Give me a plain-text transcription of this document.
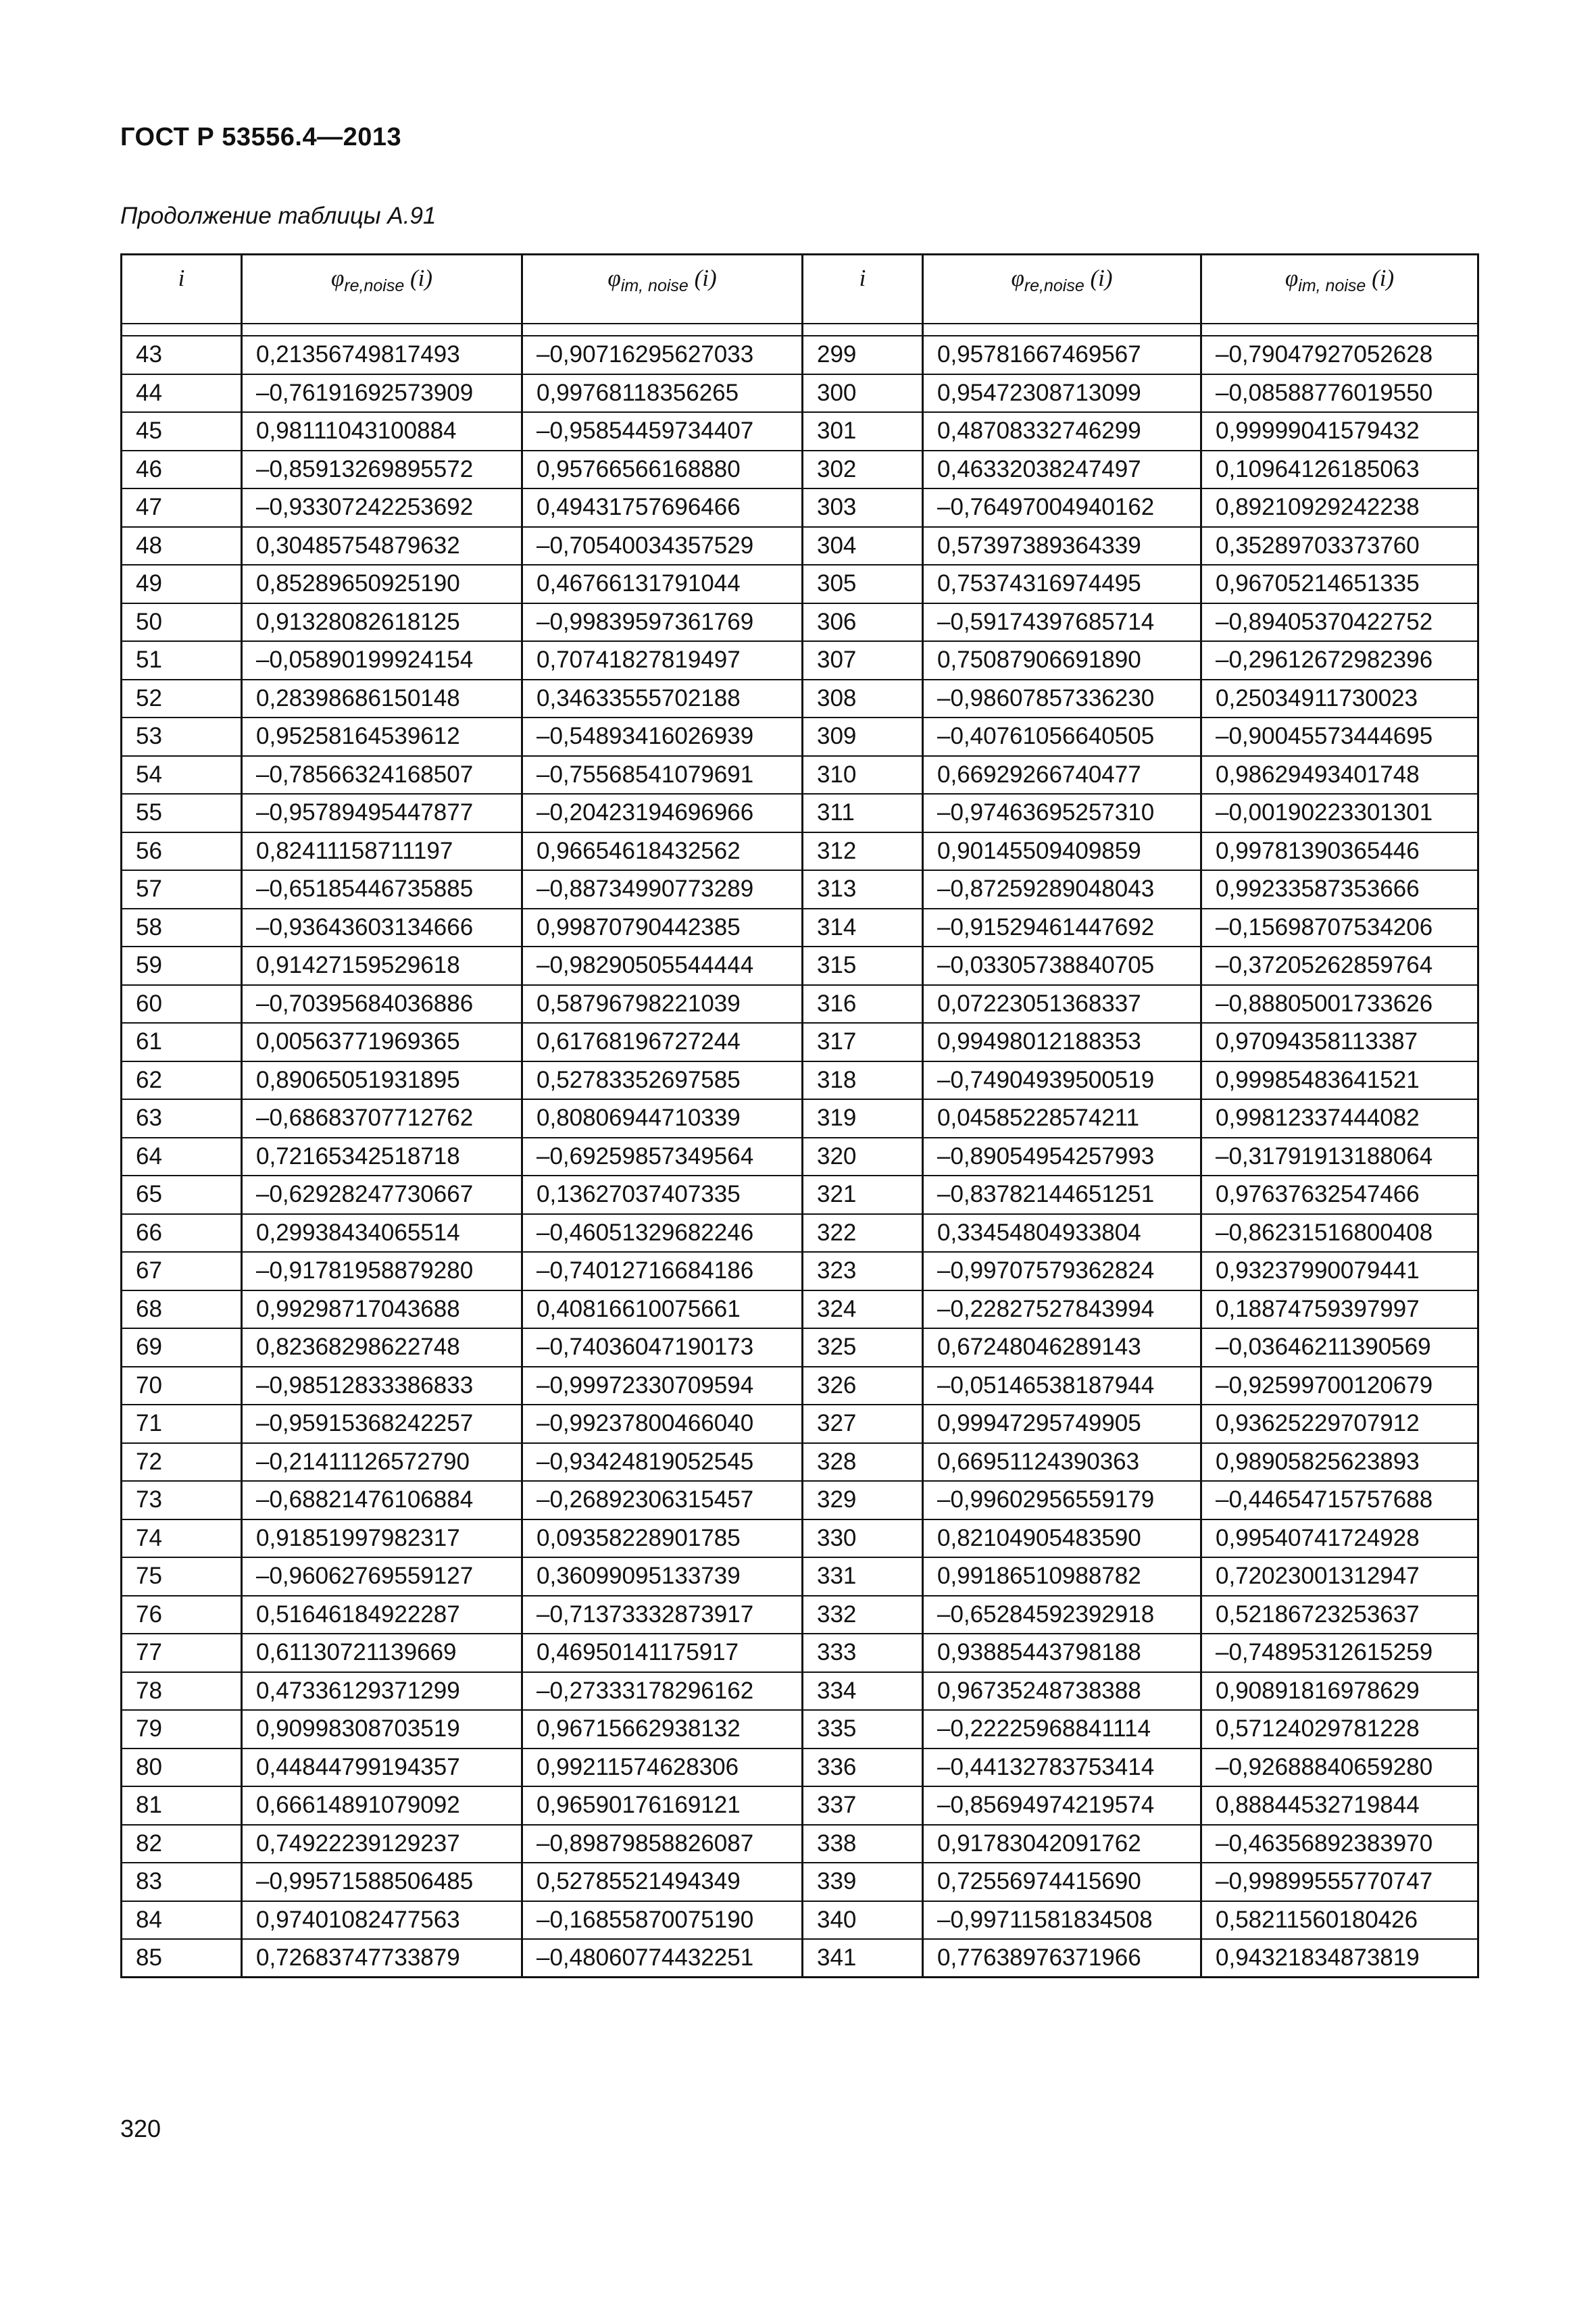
ГОСТ Р 53556.4—2013
Продолжение таблицы А.91
i	$\varphi_{re,noise}$ (i)	$\varphi_{im, noise}$ (i)	i	$\varphi_{re,noise}$ (i)	$\varphi_{im, noise}$ (i)

43	0,21356749817493	–0,90716295627033	299	0,95781667469567	–0,79047927052628
44	–0,76191692573909	0,99768118356265	300	0,95472308713099	–0,08588776019550
45	0,98111043100884	–0,95854459734407	301	0,48708332746299	0,99999041579432
46	–0,85913269895572	0,95766566168880	302	0,46332038247497	0,10964126185063
47	–0,93307242253692	0,49431757696466	303	–0,76497004940162	0,89210929242238
48	0,30485754879632	–0,70540034357529	304	0,57397389364339	0,35289703373760
49	0,85289650925190	0,46766131791044	305	0,75374316974495	0,96705214651335
50	0,91328082618125	–0,99839597361769	306	–0,59174397685714	–0,89405370422752
51	–0,05890199924154	0,70741827819497	307	0,75087906691890	–0,29612672982396
52	0,28398686150148	0,34633555702188	308	–0,98607857336230	0,25034911730023
53	0,95258164539612	–0,54893416026939	309	–0,40761056640505	–0,90045573444695
54	–0,78566324168507	–0,75568541079691	310	0,66929266740477	0,98629493401748
55	–0,95789495447877	–0,20423194696966	311	–0,97463695257310	–0,00190223301301
56	0,82411158711197	0,96654618432562	312	0,90145509409859	0,99781390365446
57	–0,65185446735885	–0,88734990773289	313	–0,87259289048043	0,99233587353666
58	–0,93643603134666	0,99870790442385	314	–0,91529461447692	–0,15698707534206
59	0,91427159529618	–0,98290505544444	315	–0,03305738840705	–0,37205262859764
60	–0,70395684036886	0,58796798221039	316	0,07223051368337	–0,88805001733626
61	0,00563771969365	0,61768196727244	317	0,99498012188353	0,97094358113387
62	0,89065051931895	0,52783352697585	318	–0,74904939500519	0,99985483641521
63	–0,68683707712762	0,80806944710339	319	0,04585228574211	0,99812337444082
64	0,72165342518718	–0,69259857349564	320	–0,89054954257993	–0,31791913188064
65	–0,62928247730667	0,13627037407335	321	–0,83782144651251	0,97637632547466
66	0,29938434065514	–0,46051329682246	322	0,33454804933804	–0,86231516800408
67	–0,91781958879280	–0,74012716684186	323	–0,99707579362824	0,93237990079441
68	0,99298717043688	0,40816610075661	324	–0,22827527843994	0,18874759397997
69	0,82368298622748	–0,74036047190173	325	0,67248046289143	–0,03646211390569
70	–0,98512833386833	–0,99972330709594	326	–0,05146538187944	–0,92599700120679
71	–0,95915368242257	–0,99237800466040	327	0,99947295749905	0,93625229707912
72	–0,21411126572790	–0,93424819052545	328	0,66951124390363	0,98905825623893
73	–0,68821476106884	–0,26892306315457	329	–0,99602956559179	–0,44654715757688
74	0,91851997982317	0,09358228901785	330	0,82104905483590	0,99540741724928
75	–0,96062769559127	0,36099095133739	331	0,99186510988782	0,72023001312947
76	0,51646184922287	–0,71373332873917	332	–0,65284592392918	0,52186723253637
77	0,61130721139669	0,46950141175917	333	0,93885443798188	–0,74895312615259
78	0,47336129371299	–0,27333178296162	334	0,96735248738388	0,90891816978629
79	0,90998308703519	0,96715662938132	335	–0,22225968841114	0,57124029781228
80	0,44844799194357	0,99211574628306	336	–0,44132783753414	–0,92688840659280
81	0,66614891079092	0,96590176169121	337	–0,85694974219574	0,88844532719844
82	0,74922239129237	–0,89879858826087	338	0,91783042091762	–0,46356892383970
83	–0,99571588506485	0,52785521494349	339	0,72556974415690	–0,99899555770747
84	0,97401082477563	–0,16855870075190	340	–0,99711581834508	0,58211560180426
85	0,72683747733879	–0,48060774432251	341	0,77638976371966	0,94321834873819
320
